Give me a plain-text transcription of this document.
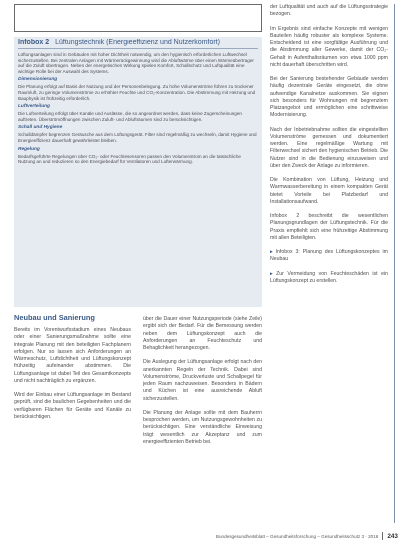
Infobox 2 Lüftungstechnik (Energieeffizienz und Nutzerkomfort)

Lüftungsanlagen sind in Gebäuden mit hoher Dichtheit notwendig, um den hygienisch erforderlichen Luftwechsel sicherzustellen. Bei zentralen Anlagen mit Wärmerückgewinnung wird die Abluftwärme über einen Wärmeübertrager auf die Zuluft übertragen. Neben der energetischen Wirkung spielen Komfort, Schallschutz und Luftqualität eine wichtige Rolle bei der Auswahl des Systems.

Dimensionierung

Die Planung erfolgt auf Basis der Nutzung und der Personenbelegung. Zu hohe Volumenströme führen zu trockener Raumluft, zu geringe Volumenströme zu erhöhter Feuchte und CO₂-Konzentration. Die Abstimmung mit Heizung und Bauphysik ist frühzeitig erforderlich.

Luftverteilung

Die Luftverteilung erfolgt über Kanäle und Auslässe, die so angeordnet werden, dass keine Zugerscheinungen auftreten. Überströmöffnungen zwischen Zuluft- und Ablufträumen sind zu berücksichtigen.

Schall und Hygiene

Schalldämpfer begrenzen Geräusche aus dem Lüftungsgerät. Filter sind regelmäßig zu wechseln, damit Hygiene und Energieeffizienz dauerhaft gewährleistet bleiben.

Regelung

Bedarfsgeführte Regelungen über CO₂- oder Feuchtesensoren passen den Volumenstrom an die tatsächliche Nutzung an und reduzieren so den Energiebedarf für Ventilatoren und Lufterwärmung.

Neubau und Sanierung

Bereits im Vorentwurfsstadium eines Neubaus oder einer Sanierungsmaßnahme sollte eine integrale Planung mit den beteiligten Fachplanern erfolgen. Nur so lassen sich Anforderungen an Wärmeschutz, Luftdichtheit und Lüftungskonzept frühzeitig aufeinander abstimmen. Die Lüftungsanlage ist dabei Teil des Gesamtkonzepts und nicht nachträglich zu ergänzen.

Wird der Einbau einer Lüftungsanlage im Bestand geprüft, sind die baulichen Gegebenheiten und die verfügbaren Flächen für Geräte und Kanäle zu berücksichtigen.

über die Dauer einer Nutzungsperiode (siehe Zeile) ergibt sich der Bedarf. Für die Bemessung werden neben dem Lüftungskonzept auch die Anforderungen an Feuchteschutz und Behaglichkeit herangezogen.

Die Auslegung der Lüftungsanlage erfolgt nach den anerkannten Regeln der Technik. Dabei sind Volumenströme, Druckverluste und Schallpegel für jeden Raum nachzuweisen. Besonders in Bädern und Küchen ist eine ausreichende Abluft sicherzustellen.

Die Planung der Anlage sollte mit dem Bauherrn besprochen werden, um Nutzungsgewohnheiten zu berücksichtigen. Eine verständliche Einweisung trägt wesentlich zur Akzeptanz und zum energieeffizienten Betrieb bei.

der Luftqualität und auch auf die Lüftungsstrategie bezogen.

Im Ergebnis sind einfache Konzepte mit wenigen Bauteilen häufig robuster als komplexe Systeme. Entscheidend ist eine sorgfältige Ausführung und die Abstimmung aller Gewerke, damit der CO₂-Gehalt in Aufenthaltsräumen von etwa 1000 ppm nicht dauerhaft überschritten wird.

Bei der Sanierung bestehender Gebäude werden häufig dezentrale Geräte eingesetzt, die ohne aufwendige Kanalnetze auskommen. Sie eignen sich besonders für Wohnungen mit begrenztem Platzangebot und ermöglichen eine schrittweise Modernisierung.

Nach der Inbetriebnahme sollten die eingestellten Volumenströme gemessen und dokumentiert werden. Eine regelmäßige Wartung mit Filterwechsel sichert den hygienischen Betrieb. Die Nutzer sind in die Bedienung einzuweisen und über den Zweck der Anlage zu informieren.

Die Kombination von Lüftung, Heizung und Warmwasserbereitung in einem kompakten Gerät bietet Vorteile bei Platzbedarf und Installationsaufwand.

Infobox 2 beschreibt die wesentlichen Planungsgrundlagen der Lüftungstechnik. Für die Praxis empfiehlt sich eine frühzeitige Abstimmung mit allen Beteiligten.

▸ Infobox 3: Planung des Lüftungskonzeptes im Neubau

▸ Zur Vermeidung von Feuchteschäden ist ein Lüftungskonzept zu erstellen.

Bundesgesundheitsblatt – Gesundheitsforschung – Gesundheitsschutz 3 · 2016 243
